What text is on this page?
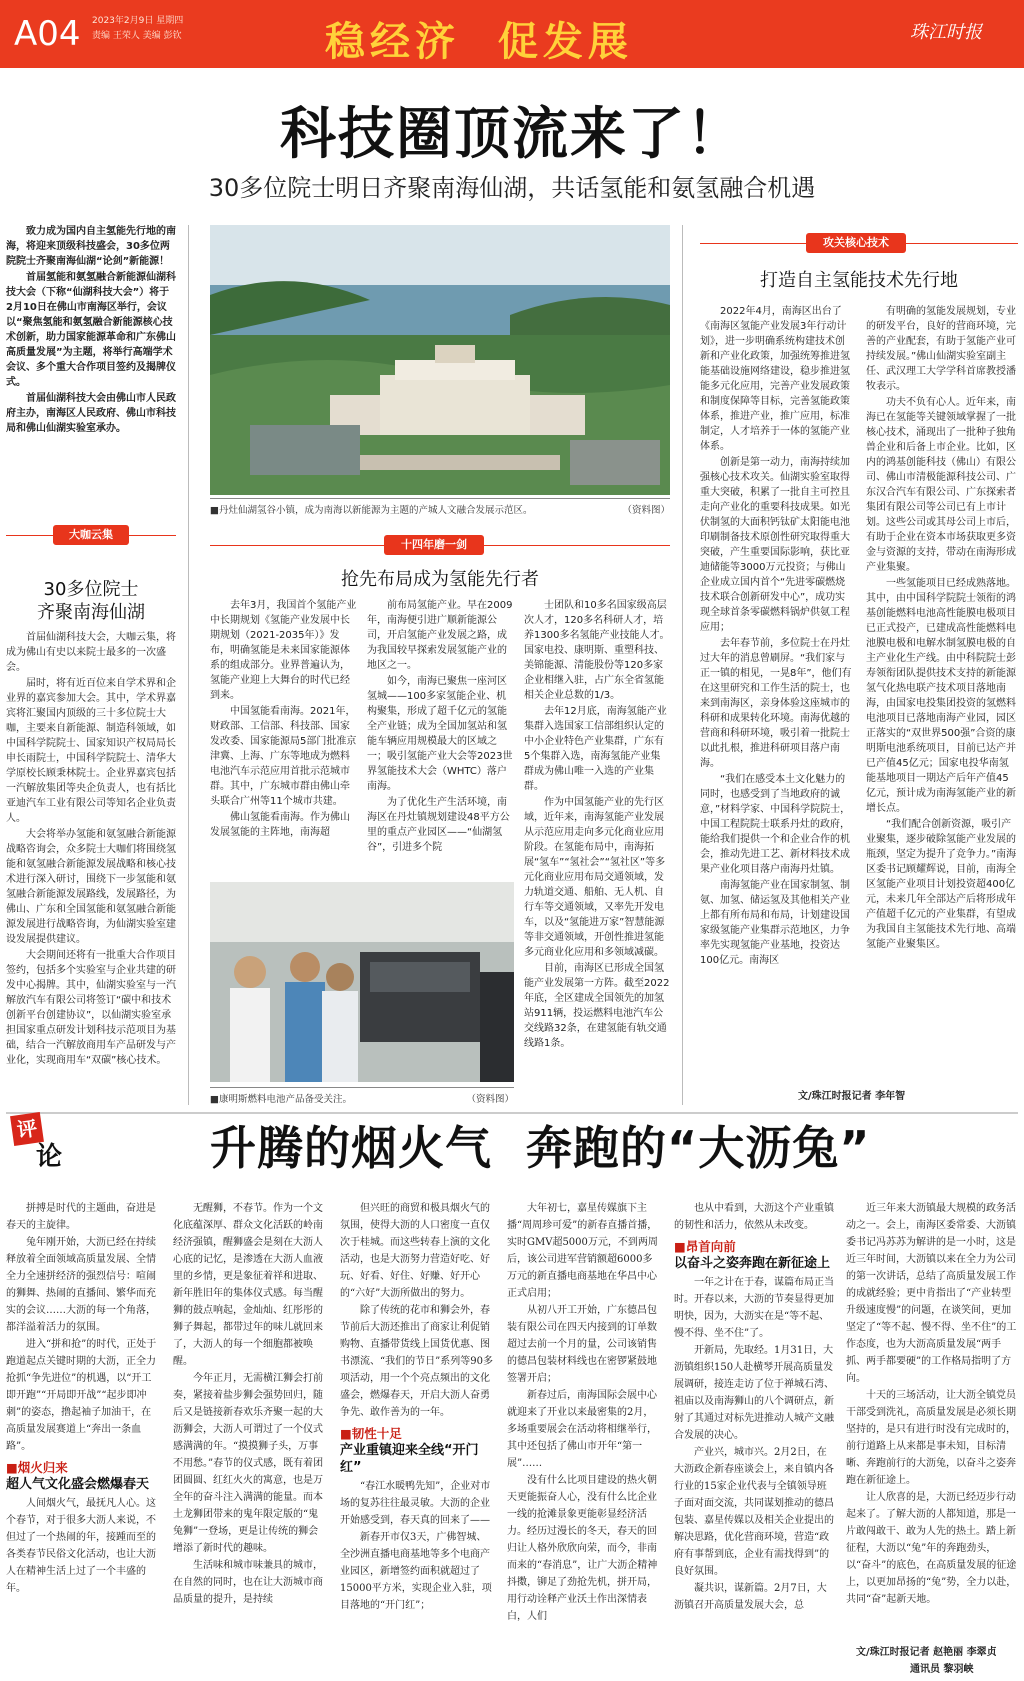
A04 2023年2月9日 星期四
责编 王荣人 美编 彭钦	稳经济  促发展	珠江时报
科技圈顶流来了！
30多位院士明日齐聚南海仙湖，共话氢能和氨氢融合机遇

致力成为国内自主氢能先行地的南海，将迎来顶级科技盛会，30多位两院院士齐聚南海仙湖“论剑”新能源！

首届氢能和氨氢融合新能源仙湖科技大会（下称“仙湖科技大会”）将于2月10日在佛山市南海区举行，会议以“聚焦氢能和氨氢融合新能源核心技术创新，助力国家能源革命和广东佛山高质量发展”为主题，将举行高端学术会议、多个重大合作项目签约及揭牌仪式。

首届仙湖科技大会由佛山市人民政府主办，南海区人民政府、佛山市科技局和佛山仙湖实验室承办。

■丹灶仙湖氢谷小镇，成为南海以新能源为主题的产城人文融合发展示范区。	（资料图）
大咖云集
30多位院士
齐聚南海仙湖

首届仙湖科技大会，大咖云集，将成为佛山有史以来院士最多的一次盛会。

届时，将有近百位来自学术界和企业界的嘉宾参加大会。其中，学术界嘉宾将汇聚国内顶级的三十多位院士大咖，主要来自新能源、制造科领域，如中国科学院院士、国家知识产权局局长申长雨院士，中国科学院院士、清华大学原校长顾秉林院士。企业界嘉宾包括一汽解放集团等央企负责人，也有括比亚迪汽车工业有限公司等知名企业负责人。

大会将举办氢能和氨氢融合新能源战略咨询会，众多院士大咖们将围绕氢能和氨氢融合新能源发展战略和核心技术进行深入研讨，围绕下一步氢能和氨氢融合新能源发展路线，发展路径，为佛山、广东和全国氢能和氨氢融合新能源发展进行战略咨询，为仙湖实验室建设发展提供建议。

大会期间还将有一批重大合作项目签约，包括多个实验室与企业共建的研发中心揭牌。其中，仙湖实验室与一汽解放汽车有限公司将签订“碳中和技术创新平台创建协议”，以仙湖实验室承担国家重点研发计划科技示范项目为基础，结合一汽解放商用车产品研发与产业化，实现商用车“双碳”核心技术。

十四年磨一剑
抢先布局成为氢能先行者

去年3月，我国首个氢能产业中长期规划《氢能产业发展中长期规划（2021-2035年）》发布，明确氢能是未来国家能源体系的组成部分。业界普遍认为，氢能产业迎上大舞台的时代已经到来。

中国氢能看南海。2021年，财政部、工信部、科技部、国家发改委、国家能源局5部门批准京津冀、上海、广东等地成为燃料电池汽车示范应用首批示范城市群。其中，广东城市群由佛山牵头联合广州等11个城市共建。

佛山氢能看南海。作为佛山发展氢能的主阵地，南海超

前布局氢能产业。早在2009年，南海便引进广顺新能源公司，开启氢能产业发展之路，成为我国较早探索发展氢能产业的地区之一。

如今，南海已聚焦一座河区氢城——100多家氢能企业、机构聚集，形成了超千亿元的氢能全产业链；成为全国加氢站和氢能车辆应用规模最大的区域之一；吸引氢能产业大会等2023世界氢能技术大会（WHTC）落户南海。

为了优化生产生活环境，南海区在丹灶镇规划建设48平方公里的重点产业园区——“仙湖氢谷”，引进多个院

士团队和10多名国家级高层次人才，120多名科研人才，培养1300多名氢能产业技能人才。国家电投、康明斯、重塑科技、美锦能源、清能股份等120多家企业相继入驻，占广东全省氢能相关企业总数的1/3。

去年12月底，南海氢能产业集群入选国家工信部组织认定的中小企业特色产业集群，广东有5个集群入选，南海氢能产业集群成为佛山唯一入选的产业集群。

作为中国氢能产业的先行区域，近年来，南海氢能产业发展从示范应用走向多元化商业应用阶段。在氢能布局中，南海拓展“氢车”“氢社会”“氢社区”等多元化商业应用布局交通领域，发力轨道交通、船舶、无人机、自行车等交通领域，又率先开发电车，以及“氢能进万家”智慧能源等非交通领域，开创性推进氢能多元商业化应用和多领域减碳。

目前，南海区已形成全国氢能产业发展第一方阵。截至2022年底，全区建成全国领先的加氢站911辆，投运燃料电池汽车公交线路32条，在建氢能有轨交通线路1条。

■康明斯燃料电池产品备受关注。	（资料图）
攻关核心技术
打造自主氢能技术先行地

2022年4月，南海区出台了《南海区氢能产业发展3年行动计划》，进一步明确系统构建技术创新和产业化政策，加强统筹推进氢能基础设施网络建设，稳步推进氢能多元化应用，完善产业发展政策和制度保障等目标，完善氢能政策体系，推进产业，推广应用，标准制定，人才培养于一体的氢能产业体系。

创新是第一动力，南海持续加强核心技术攻关。仙湖实验室取得重大突破，积累了一批自主可控且走向产业化的重要科技成果。如光伏制氢的大面积钙钛矿太阳能电池印刷制备技术原创性研究取得重大突破，产生重要国际影响，获比亚迪储能等3000万元投资；与佛山企业成立国内首个“先进零碳燃烧技术联合创新研发中心”，成功实现全球首条零碳燃料锅炉供氨工程应用；

去年春节前，多位院士在丹灶过大年的消息曾刷屏。“我们家与正一镇的相见，一晃8年”，他们有在这里研究和工作生活的院士，也来到南海区，亲身体验这座城市的科研和成果转化环境。南海优越的营商和科研环境，吸引着一批院士以此扎根，推进科研项目落户南海。

“我们在感受本土文化魅力的同时，也感受到了当地政府的诚意，”材料学家、中国科学院院士，中国工程院院士联系丹灶的政府，能给我们提供一个和企业合作的机会，推动先进工艺、新材料技术成果产业化项目落户南海丹灶镇。

南海氢能产业在国家制氢、制氨、加氢、储运氢及其他相关产业上都有所布局和布局，计划建设国家级氢能产业集群示范地区，力争率先实现氢能产业基地，投资达100亿元。南海区

有明确的氢能发展规划，专业的研发平台，良好的营商环境，完善的产业配套，有助于氢能产业可持续发展。”佛山仙湖实验室副主任、武汉理工大学学科首席教授潘牧表示。

功夫不负有心人。近年来，南海已在氢能等关键领域掌握了一批核心技术，涌现出了一批种子独角兽企业和后备上市企业。比如，区内的鸿基创能科技（佛山）有限公司、佛山市清极能源科技公司、广东汉合汽车有限公司、广东探索者集团有限公司等公司已有上市计划。这些公司或其母公司上市后，有助于企业在资本市场获取更多资金与资源的支持，带动在南海形成产业集聚。

一些氢能项目已经成熟落地。其中，由中国科学院院士领衔的鸿基创能燃料电池高性能膜电极项目已正式投产，已建成高性能燃料电池膜电极和电解水制氢膜电极的自主产业化生产线。由中科院院士彭寿领衔团队提供技术支持的新能源氢气化热电联产技术项目落地南海，由国家电投集团投资的氢燃料电池项目已落地南海产业园，园区正落实的“双世界500强”合资的康明斯电池系统项目，目前已达产并已产值45亿元；国家电投华南氢能基地项目一期达产后年产值45亿元，预计成为南海氢能产业的新增长点。

“我们配合创新资源，吸引产业聚集，逐步破除氢能产业发展的瓶颈，坚定为提升了竞争力。”南海区委书记顾耀辉说，目前，南海全区氢能产业项目计划投资超400亿元，未来几年全部达产后将形成年产值超千亿元的产业集群，有望成为我国自主氢能技术先行地、高端氢能产业聚集区。

文/珠江时报记者 李年智
评
论	升腾的烟火气  奔跑的“大沥兔”

拼搏是时代的主题曲，奋进是春天的主旋律。

兔年刚开始，大沥已经在持续释放着全面领域高质量发展、全情全力全速拼经济的强烈信号：喧闹的狮舞、热闹的直播间、繁华而充实的会议……大沥的每一个角落，都洋溢着活力的氛围。

进入“拼和抢”的时代，正处于跑道起点关键时期的大沥，正全力抢抓“争先进位”的机遇，以“开工即开跑”“开局即开战”“起步即冲刺”的姿态，撸起袖子加油干，在高质量发展赛道上“奔出一条血路”。

■烟火归来
超人气文化盛会燃爆春天

人间烟火气，最抚凡人心。这个春节，对于很多大沥人来说，不但过了一个热闹的年，接踵而至的各类春节民俗文化活动，也让大沥人在精神生活上过了一个丰盛的年。

无醒狮，不春节。作为一个文化底蕴深厚、群众文化活跃的岭南经济强镇，醒狮盛会是刻在大沥人心底的记忆，是渗透在大沥人血液里的乡情，更是象征着祥和进取、新年胜旧年的集体仪式感。每当醒狮的鼓点响起，金灿灿、红彤彤的狮子舞起，都带过年的味儿就回来了，大沥人的每一个细胞都被唤醒。

今年正月，无需横江狮会打前奏，紧接着盐步狮会强势回归，随后又是链接新春欢乐齐聚一起的大沥狮会，大沥人可谓过了一个仪式感满满的年。“摸摸狮子头，万事不用愁。”春节的仪式感，既有着团团圆圆、红红火火的寓意，也是万全年的奋斗注入满满的能量。而本土龙狮团带来的鬼年限定版的“鬼兔狮”一登场，更是让传统的狮会增添了新时代的趣味。

生活味和城市味兼具的城市，在自然的同时，也在让大沥城市商品质量的提升，是持续

但兴旺的商贸和极具烟火气的氛围，使得大沥的人口密度一直仅次于桂城。而这些转春上演的文化活动，也是大沥努力营造好吃、好玩、好看、好住、好赚、好开心的“六好”大沥所做出的努力。

除了传统的花市和狮会外，春节前后大沥还推出了商家让利促销购物、直播带货线上国货优惠、图书漂流、“我们的节日”系列等90多项活动，用一个个亮点频出的文化盛会，燃爆春天，开启大沥人奋勇争先、敢作善为的一年。

■韧性十足
产业重镇迎来全线“开门红”

“春江水暖鸭先知”，企业对市场的复苏往往最灵敏。大沥的企业开始感受到，春天真的回来了——

新春开市仅3天，广佛智城、全沙洲直播电商基地等多个电商产业园区，新增签约面积就超过了15000平方米，实现企业入驻，项目落地的“开门红”；

大年初七，嘉星传媒旗下主播“周周珍可爱”的新春直播首播，实时GMV超5000万元，不到两周后，该公司进军营销额超6000多万元的新直播电商基地在华昌中心正式启用；

从初八开工开始，广东德昌包装有限公司在四天内接到的订单数超过去前一个月的量，公司该销售的德昌包装材料线也在密锣紧鼓地签署开启；

新春过后，南海国际会展中心就迎来了开业以来最密集的2月，多场重要展会在活动将相继举行，其中还包括了佛山市开年“第一展”……

没有什么比项目建设的热火朝天更能振奋人心，没有什么比企业一线的抢滩景象更能彰显经济活力。经历过漫长的冬天，春天的回归让人格外欣欣向荣，而今，非南而来的“春消息”，让广大沥企精神抖擞，铆足了劲抢先机，拼开局，用行动诠释产业沃土作出深情表白，人们

也从中看到，大沥这个产业重镇的韧性和活力，依然从未改变。

■昂首向前
以奋斗之姿奔跑在新征途上

一年之计在于春，谋篇布局正当时。开春以来，大沥的节奏显得更加明快，因为，大沥实在是“等不起、慢不得、坐不住”了。

开新局，先取经。1月31日，大沥镇组织150人赴横琴开展高质量发展调研，接连走访了位于禅城石湾、祖庙以及南海狮山的八个调研点，新射了其通过对标先进推动人城产文融合发展的决心。

产业兴，城市兴。2月2日，在大沥政企新春座谈会上，来自镇内各行业的15家企业代表与全镇领导班子面对面交流，共同谋划推动的德昌包装、嘉星传媒以及相关企业提出的解决思路，优化营商环境，营造“政府有事帮到底，企业有需找得到”的良好氛围。

凝共识，谋新篇。2月7日，大沥镇召开高质量发展大会，总

近三年来大沥镇最大规模的政务活动之一。会上，南海区委常委、大沥镇委书记冯苏苏为解讲的是一小时，这是近三年时间，大沥镇以来在全力为公司的第一次讲话，总结了高质量发展工作的成就经验；更中肯指出了“产业转型升级速度慢”的问题，在谈笑间，更加坚定了“等不起、慢不得、坐不住”的工作态度，也为大沥高质量发展“两手抓、两手都要硬”的工作格局指明了方向。

十天的三场活动，让大沥全镇党员干部受到洗礼，高质量发展是必须长期坚持的，是只有进行时没有完成时的，前行道路上从来都是事未知，目标清晰、奔跑前行的大沥兔，以奋斗之姿奔跑在新征途上。

让人欣喜的是，大沥已经迈步行动起来了。了解大沥的人都知道，那是一片敢闯敢干、敢为人先的热土。踏上新征程，大沥以“兔”年的奔跑劲头，以“奋斗”的底色，在高质量发展的征途上，以更加昂扬的“兔”势，全力以赴，共同“奋”起新天地。

文/珠江时报记者 赵艳丽 李翠贞
通讯员 黎羽峡
